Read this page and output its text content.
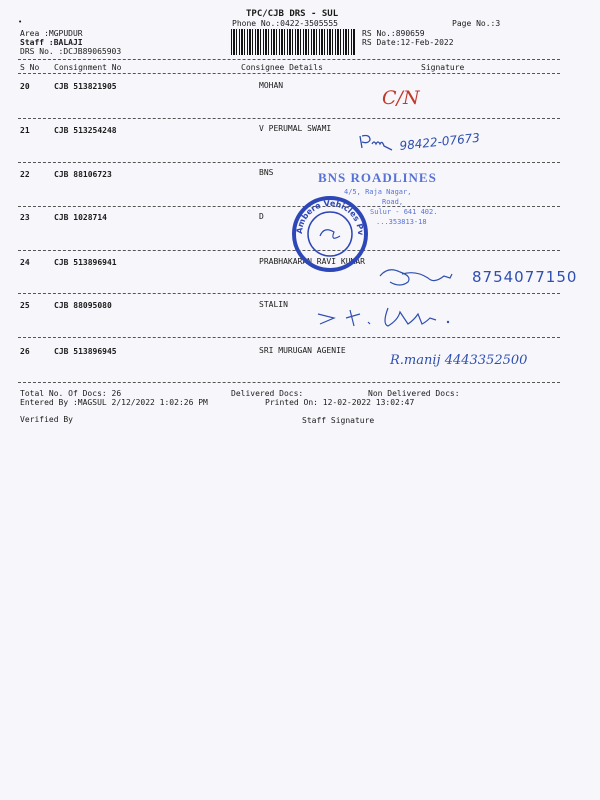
•
TPC/CJB DRS - SUL
Phone No.:0422-3505555	Page No.:3
Area :MGPUDUR
Staff :BALAJI
DRS No. :DCJB89065903
RS No.:890659
RS Date:12-Feb-2022
S No Consignment No	Consignee Details	Signature
20	CJB 513821905	MOHAN
21	CJB 513254248	V PERUMAL SWAMI
22	CJB 88106723	BNS
23	CJB 1028714	D
24	CJB 513896941	PRABHAKARAN RAVI KUMAR
25	CJB 88095080	STALIN
26	CJB 513896945	SRI MURUGAN AGENIE
C/N
98422-07673
8754077150
R.manij 4443352500
BNS ROADLINES
4/5, Raja Nagar,
Road,
Sulur - 641 402.
...353813-18
Ambere Vehicles Pvt. Ltd
Total No. Of Docs: 26	Delivered Docs:	Non Delivered Docs:
Entered By :MAGSUL 2/12/2022 1:02:26 PM	Printed On: 12-02-2022 13:02:47
Verified By	Staff Signature
